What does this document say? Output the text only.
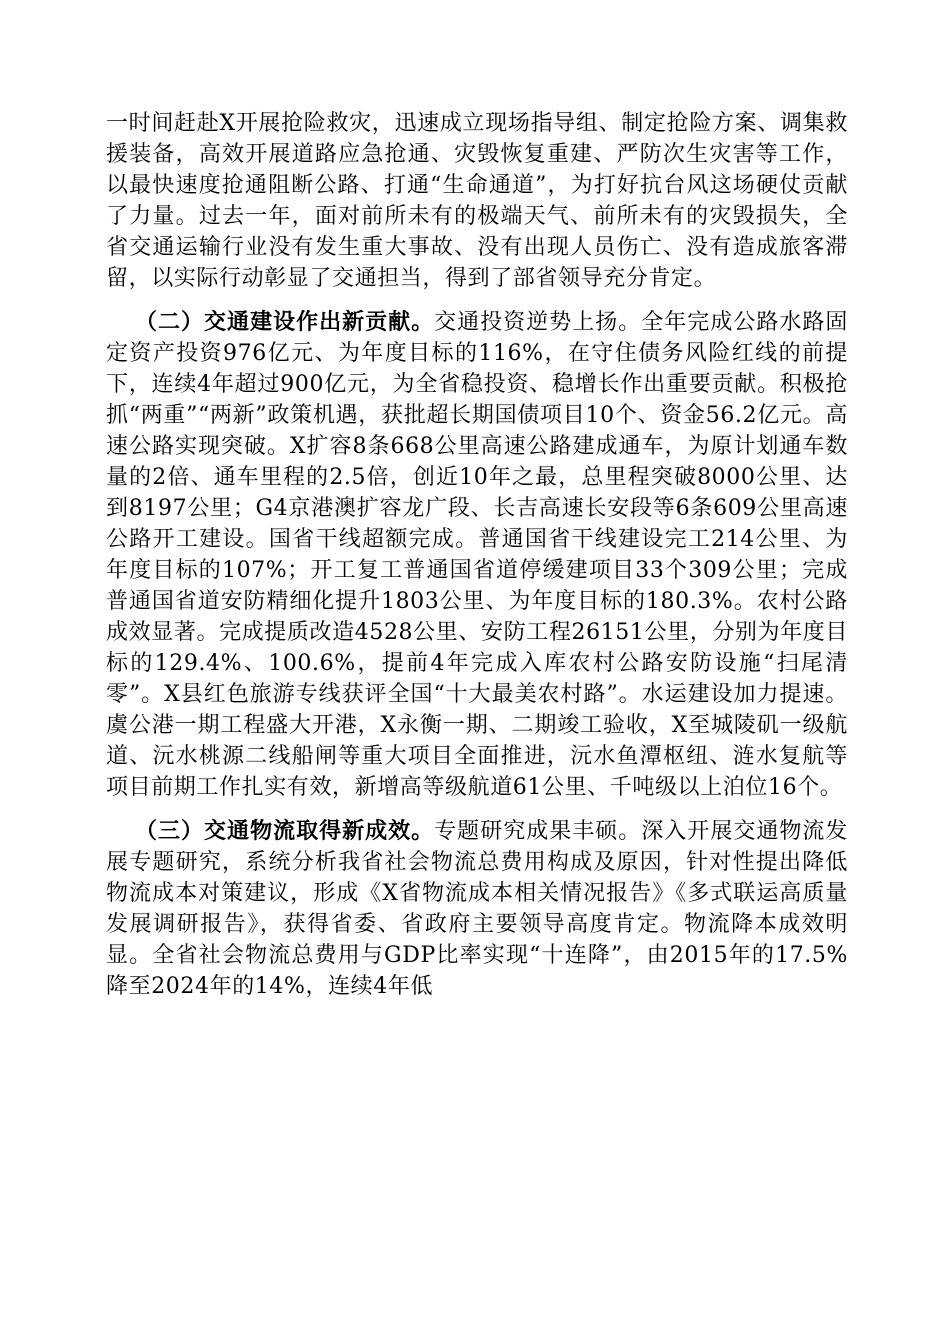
一时间赶赴X开展抢险救灾，迅速成立现场指导组、制定抢险方案、调集救援装备，高效开展道路应急抢通、灾毁恢复重建、严防次生灾害等工作，以最快速度抢通阻断公路、打通“生命通道”，为打好抗台风这场硬仗贡献了力量。过去一年，面对前所未有的极端天气、前所未有的灾毁损失，全省交通运输行业没有发生重大事故、没有出现人员伤亡、没有造成旅客滞留，以实际行动彰显了交通担当，得到了部省领导充分肯定。

（二）交通建设作出新贡献。交通投资逆势上扬。全年完成公路水路固定资产投资976亿元、为年度目标的116%，在守住债务风险红线的前提下，连续4年超过900亿元，为全省稳投资、稳增长作出重要贡献。积极抢抓“两重”“两新”政策机遇，获批超长期国债项目10个、资金56.2亿元。高速公路实现突破。X扩容8条668公里高速公路建成通车，为原计划通车数量的2倍、通车里程的2.5倍，创近10年之最，总里程突破8000公里、达到8197公里；G4京港澳扩容龙广段、长吉高速长安段等6条609公里高速公路开工建设。国省干线超额完成。普通国省干线建设完工214公里、为年度目标的107%；开工复工普通国省道停缓建项目33个309公里；完成普通国省道安防精细化提升1803公里、为年度目标的180.3%。农村公路成效显著。完成提质改造4528公里、安防工程26151公里，分别为年度目标的129.4%、100.6%，提前4年完成入库农村公路安防设施“扫尾清零”。X县红色旅游专线获评全国“十大最美农村路”。水运建设加力提速。虞公港一期工程盛大开港，X永衡一期、二期竣工验收，X至城陵矶一级航道、沅水桃源二线船闸等重大项目全面推进，沅水鱼潭枢纽、涟水复航等项目前期工作扎实有效，新增高等级航道61公里、千吨级以上泊位16个。

（三）交通物流取得新成效。专题研究成果丰硕。深入开展交通物流发展专题研究，系统分析我省社会物流总费用构成及原因，针对性提出降低物流成本对策建议，形成《X省物流成本相关情况报告》《多式联运高质量发展调研报告》，获得省委、省政府主要领导高度肯定。物流降本成效明显。全省社会物流总费用与GDP比率实现“十连降”，由2015年的17.5%降至2024年的14%，连续4年低
